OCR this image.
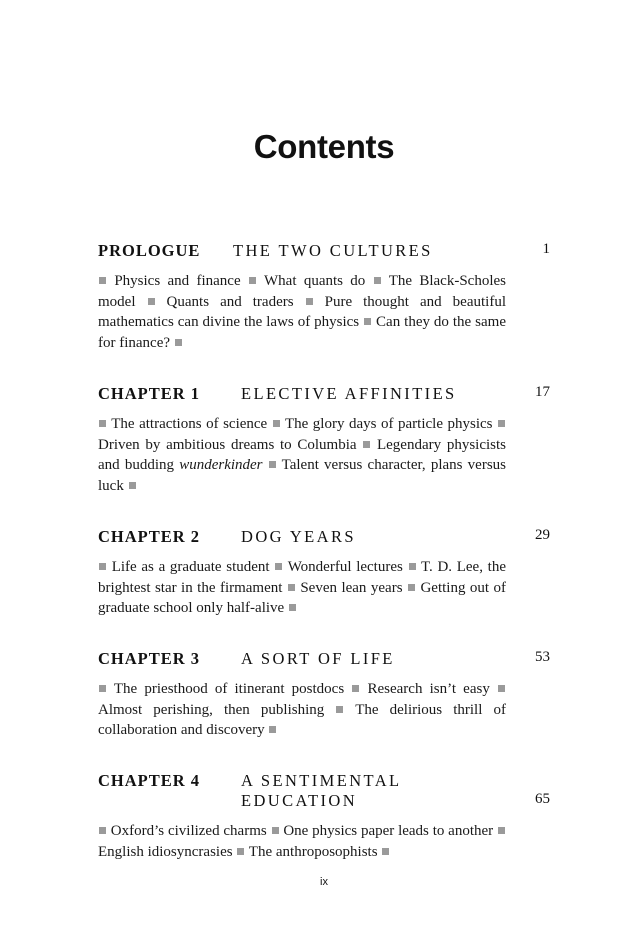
Contents
PROLOGUE THE TWO CULTURES	1
Physics and finance  What quants do  The Black-Scholes model  Quants and traders  Pure thought and beautiful mathematics can divine the laws of physics  Can they do the same for finance?
CHAPTER 1 ELECTIVE AFFINITIES	17
The attractions of science  The glory days of particle physics  Driven by ambitious dreams to Columbia  Legendary physicists and budding wunderkinder  Talent versus character, plans versus luck
CHAPTER 2 DOG YEARS	29
Life as a graduate student  Wonderful lectures  T. D. Lee, the brightest star in the firmament  Seven lean years  Getting out of graduate school only half-alive
CHAPTER 3 A SORT OF LIFE	53
The priesthood of itinerant postdocs  Research isn’t easy  Almost perishing, then publishing  The delirious thrill of collaboration and discovery
CHAPTER 4 A SENTIMENTAL EDUCATION	65
Oxford’s civilized charms  One physics paper leads to another  English idiosyncrasies  The anthroposophists
ix
